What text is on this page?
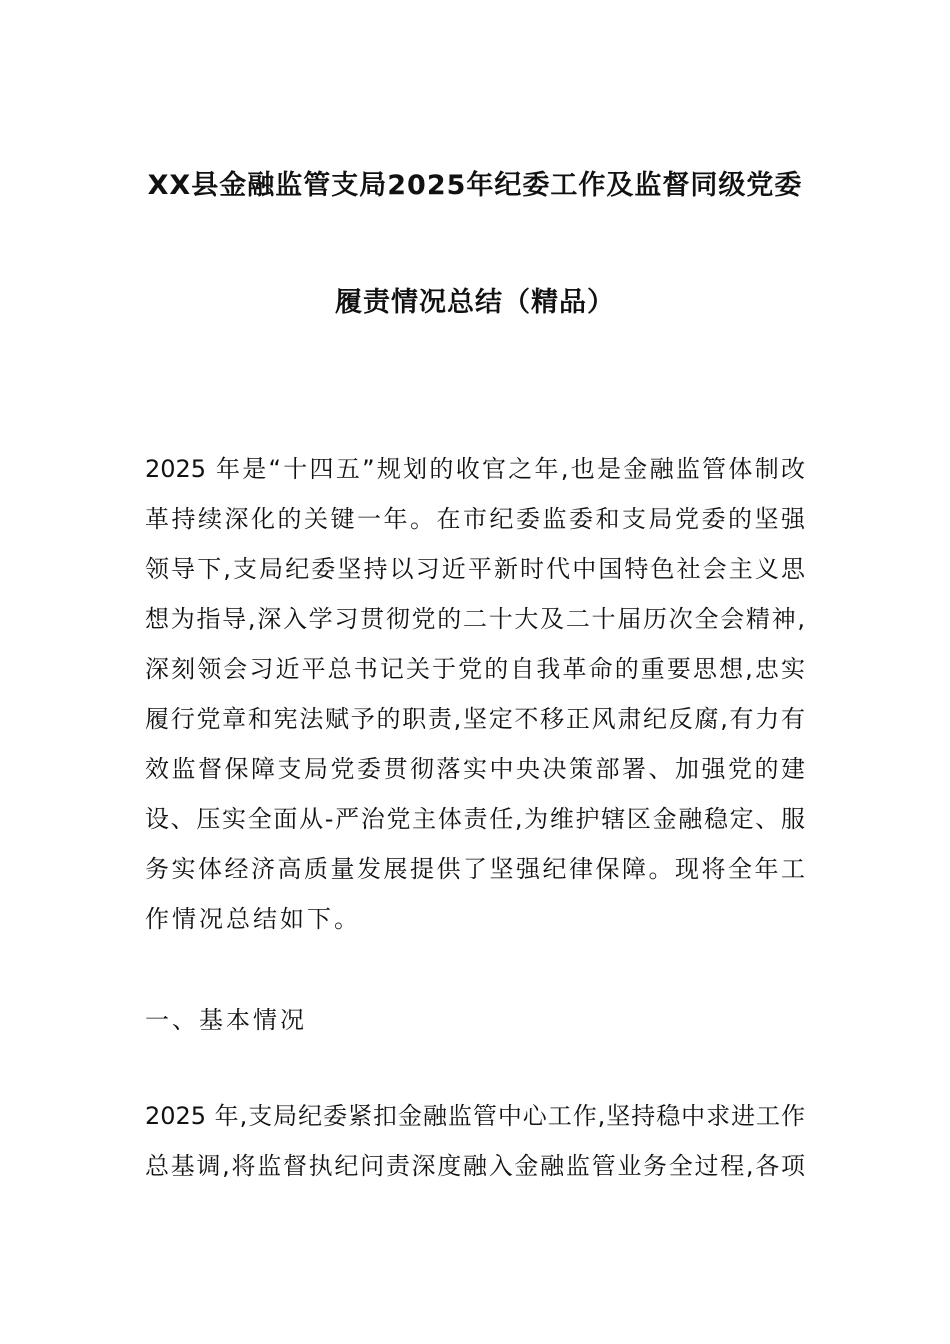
XX县金融监管支局2025年纪委工作及监督同级党委
履责情况总结（精品）
2025 年是“十四五”规划的收官之年,也是金融监管体制改
革持续深化的关键一年。在市纪委监委和支局党委的坚强
领导下,支局纪委坚持以习近平新时代中国特色社会主义思
想为指导,深入学习贯彻党的二十大及二十届历次全会精神,
深刻领会习近平总书记关于党的自我革命的重要思想,忠实
履行党章和宪法赋予的职责,坚定不移正风肃纪反腐,有力有
效监督保障支局党委贯彻落实中央决策部署、加强党的建
设、压实全面从-严治党主体责任,为维护辖区金融稳定、服
务实体经济高质量发展提供了坚强纪律保障。现将全年工
作情况总结如下。
一、基本情况
2025 年,支局纪委紧扣金融监管中心工作,坚持稳中求进工作
总基调,将监督执纪问责深度融入金融监管业务全过程,各项
